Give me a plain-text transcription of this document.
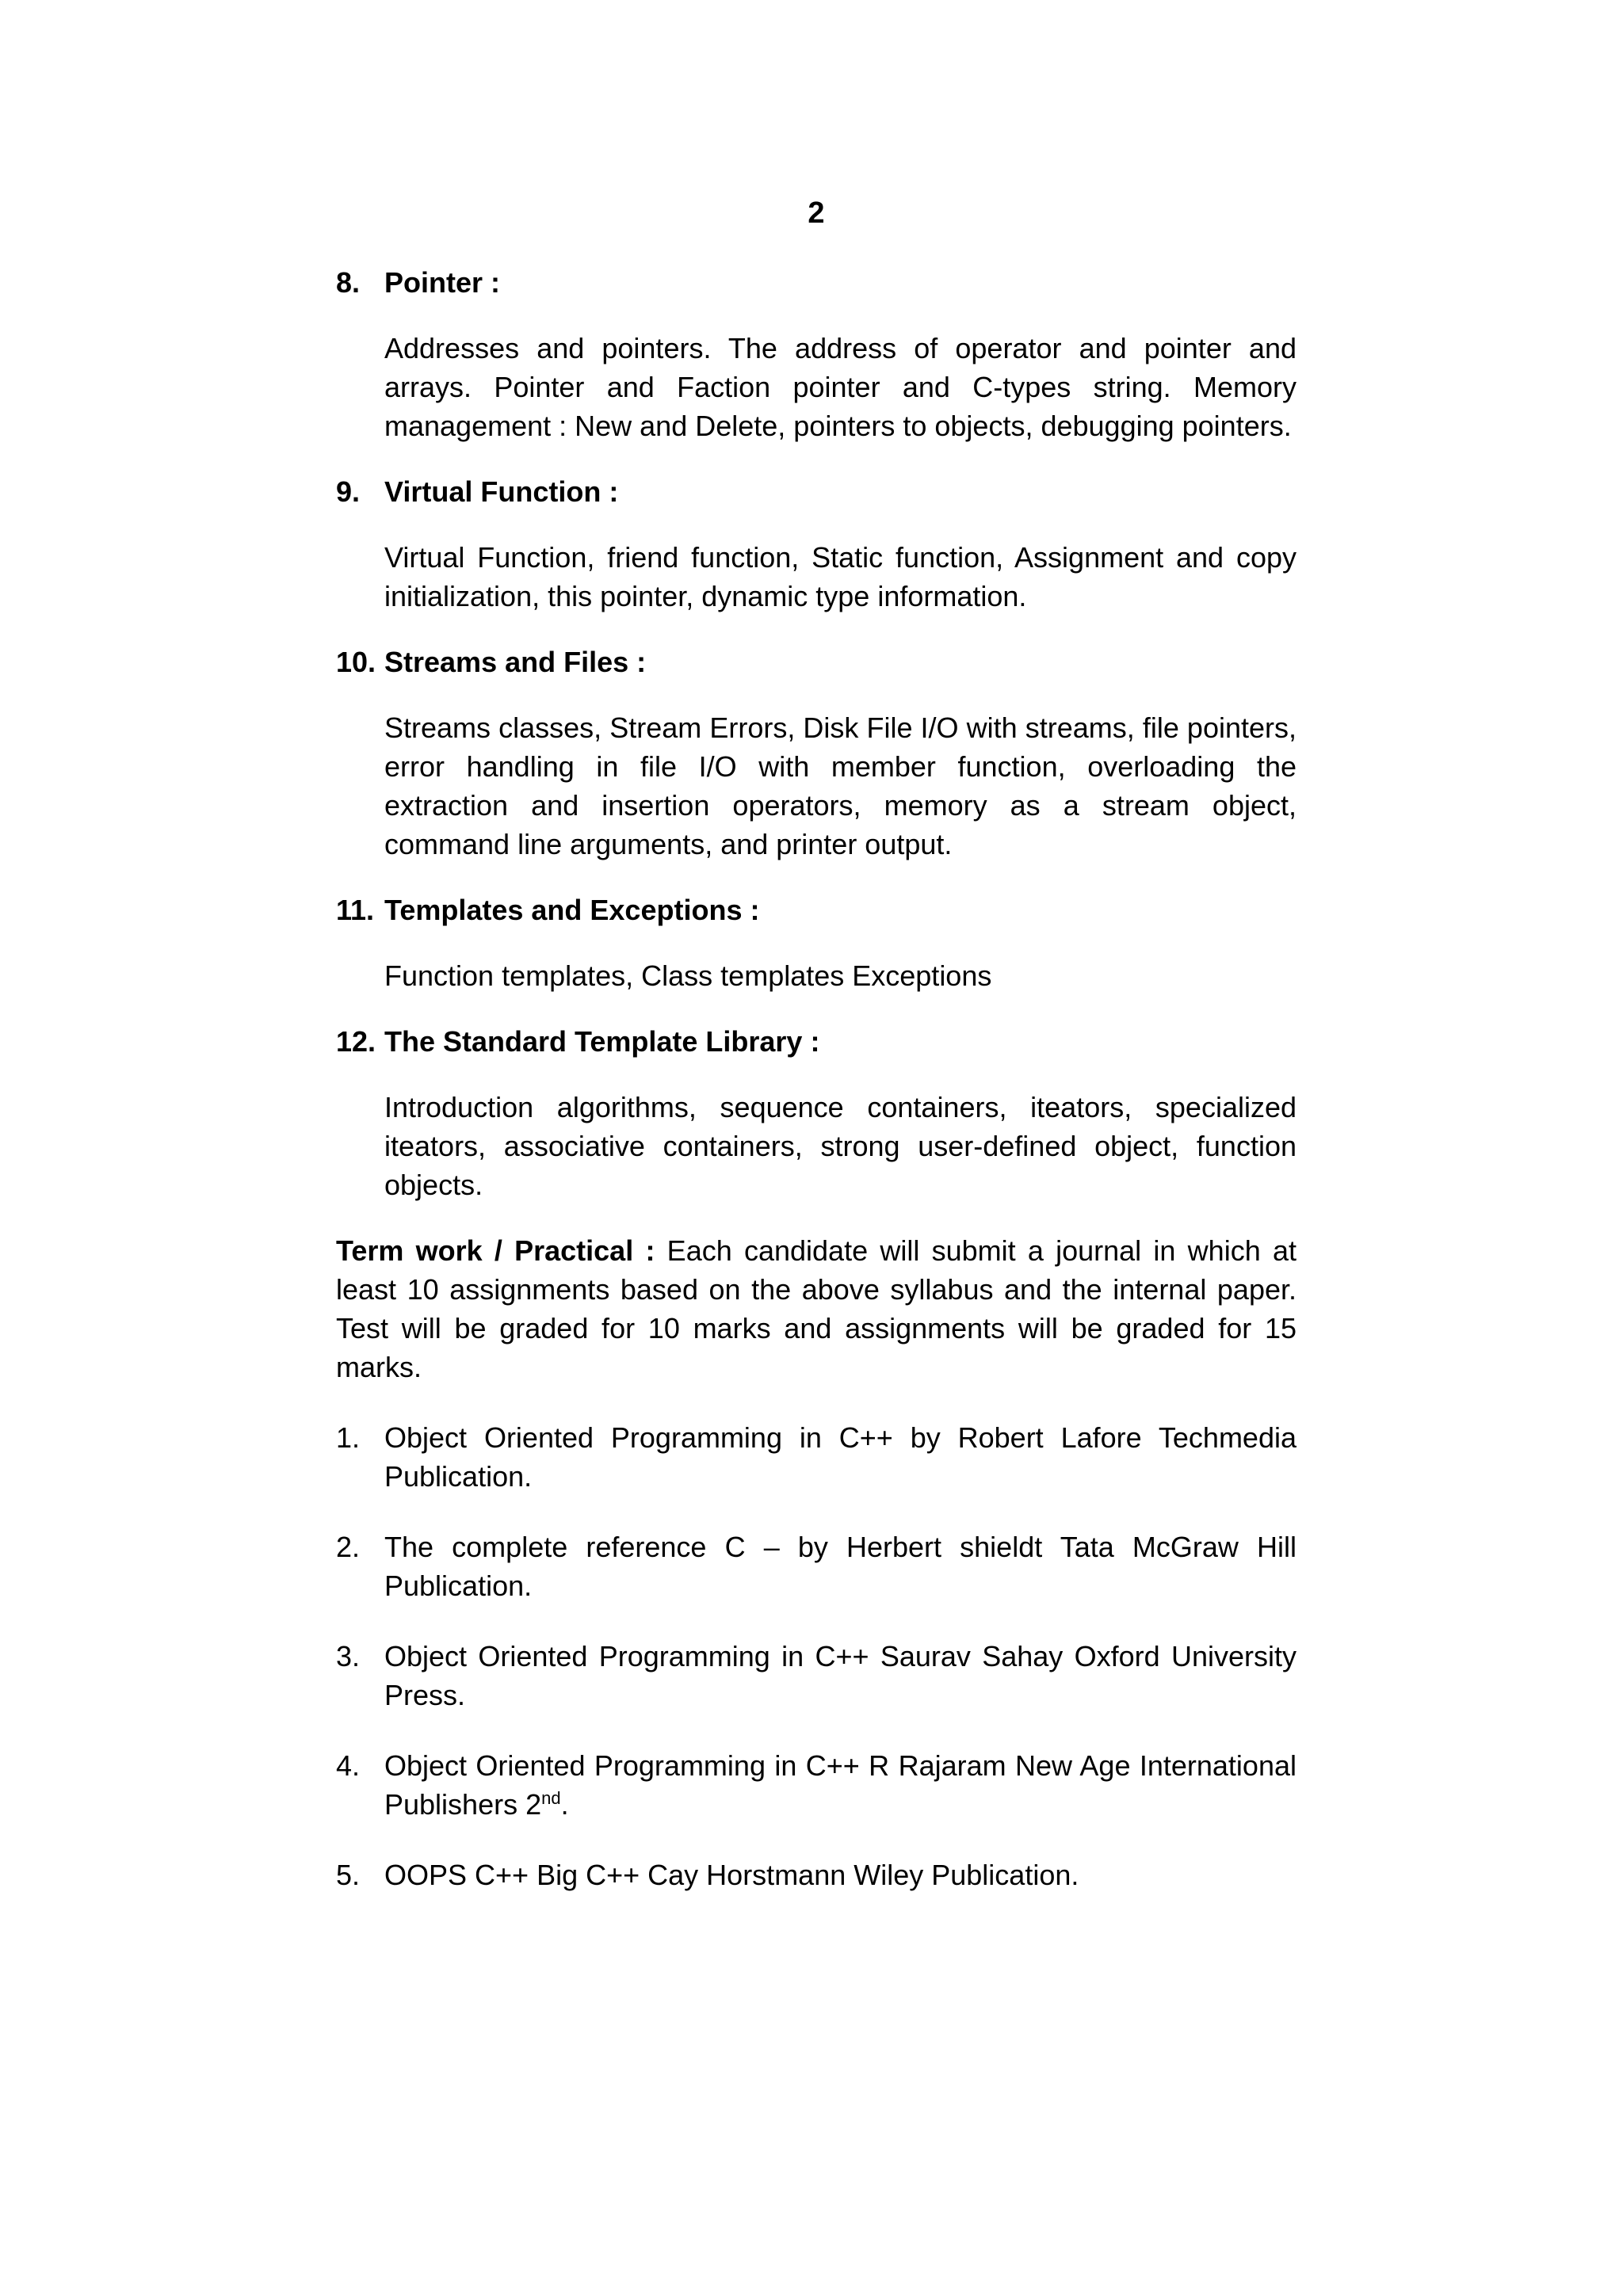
2
8. Pointer :
Addresses and pointers. The address of operator and pointer and arrays. Pointer and Faction pointer and C-types string. Memory management : New and Delete, pointers to objects, debugging pointers.
9. Virtual Function :
Virtual Function, friend function, Static function, Assignment and copy initialization, this pointer, dynamic type information.
10. Streams and Files :
Streams classes, Stream Errors, Disk File I/O with streams, file pointers, error handling in file I/O with member function, overloading the extraction and insertion operators, memory as a stream object, command line arguments, and printer output.
11. Templates and Exceptions :
Function templates, Class templates Exceptions
12. The Standard Template Library :
Introduction algorithms, sequence containers, iteators, specialized iteators, associative containers, strong user-defined object, function objects.

Term work / Practical : Each candidate will submit a journal in which at least 10 assignments based on the above syllabus and the internal paper. Test will be graded for 10 marks and assignments will be graded for 15 marks.

1. Object Oriented Programming in C++ by Robert Lafore Techmedia Publication.
2. The complete reference C – by Herbert shieldt Tata McGraw Hill Publication.
3. Object Oriented Programming in C++ Saurav Sahay Oxford University Press.
4. Object Oriented Programming in C++ R Rajaram New Age International Publishers 2nd.
5. OOPS C++ Big C++ Cay Horstmann Wiley Publication.
